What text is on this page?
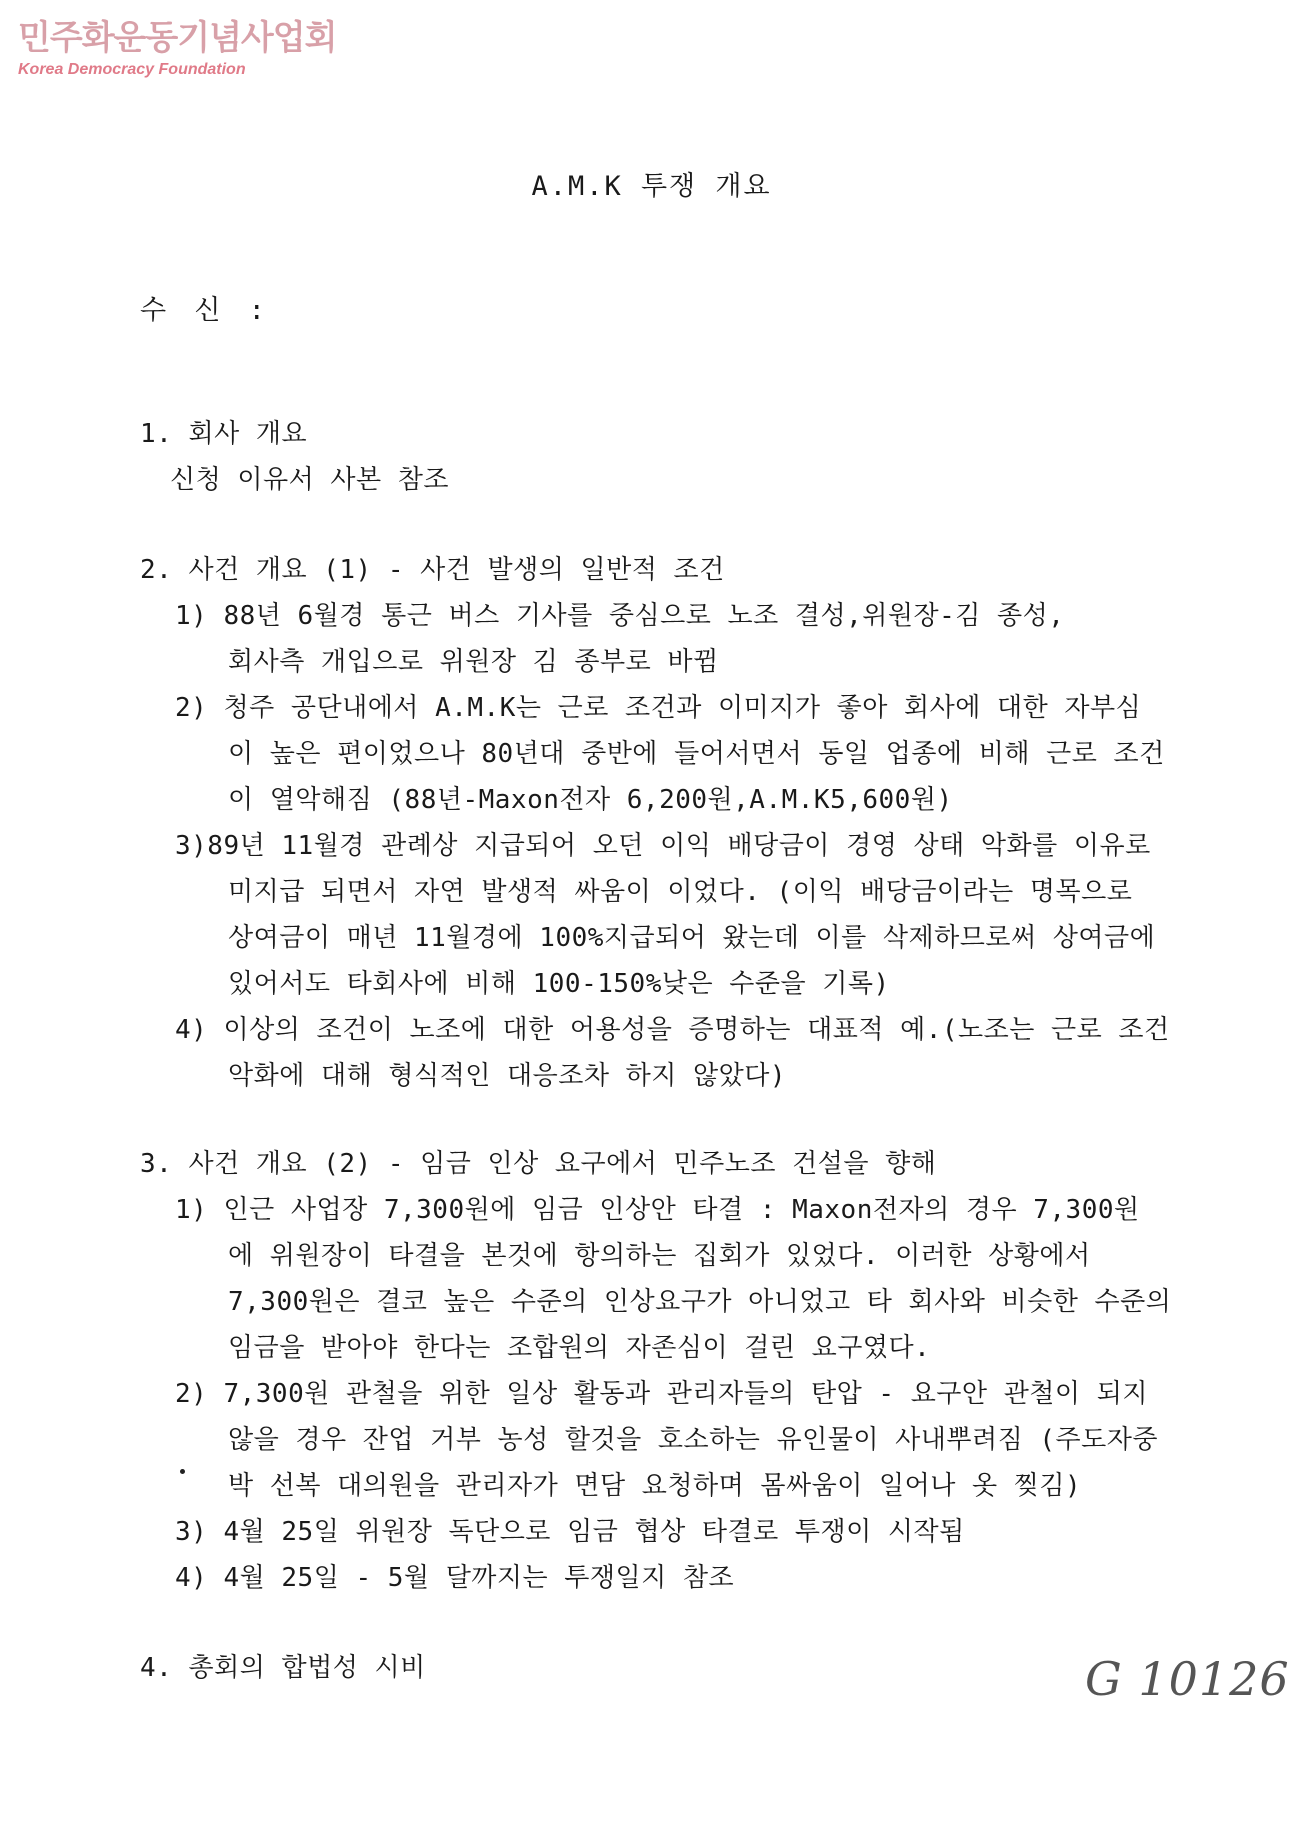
민주화운동기념사업회
Korea Democracy Foundation
A.M.K 투쟁 개요
수 신 :
1. 회사 개요
신청 이유서 사본 참조
2. 사건 개요 (1) - 사건 발생의 일반적 조건
1) 88년 6월경 통근 버스 기사를 중심으로 노조 결성,위원장-김 종성,
회사측 개입으로 위원장 김 종부로 바뀜
2) 청주 공단내에서 A.M.K는 근로 조건과 이미지가 좋아 회사에 대한 자부심
이 높은 편이었으나 80년대 중반에 들어서면서 동일 업종에 비해 근로 조건
이 열악해짐 (88년-Maxon전자 6,200원,A.M.K5,600원)
3)89년 11월경 관례상 지급되어 오던 이익 배당금이 경영 상태 악화를 이유로
미지급 되면서 자연 발생적 싸움이 이었다. (이익 배당금이라는 명목으로
상여금이 매년 11월경에 100%지급되어 왔는데 이를 삭제하므로써 상여금에
있어서도 타회사에 비해 100-150%낮은 수준을 기록)
4) 이상의 조건이 노조에 대한 어용성을 증명하는 대표적 예.(노조는 근로 조건
악화에 대해 형식적인 대응조차 하지 않았다)
3. 사건 개요 (2) - 임금 인상 요구에서 민주노조 건설을 향해
1) 인근 사업장 7,300원에 임금 인상안 타결 : Maxon전자의 경우 7,300원
에 위원장이 타결을 본것에 항의하는 집회가 있었다. 이러한 상황에서
7,300원은 결코 높은 수준의 인상요구가 아니었고 타 회사와 비슷한 수준의
임금을 받아야 한다는 조합원의 자존심이 걸린 요구였다.
2) 7,300원 관철을 위한 일상 활동과 관리자들의 탄압 - 요구안 관철이 되지
않을 경우 잔업 거부 농성 할것을 호소하는 유인물이 사내뿌려짐 (주도자중
박 선복 대의원을 관리자가 면담 요청하며 몸싸움이 일어나 옷 찢김)
3) 4월 25일 위원장 독단으로 임금 협상 타결로 투쟁이 시작됨
4) 4월 25일 - 5월 달까지는 투쟁일지 참조
4. 총회의 합법성 시비	G 10126
